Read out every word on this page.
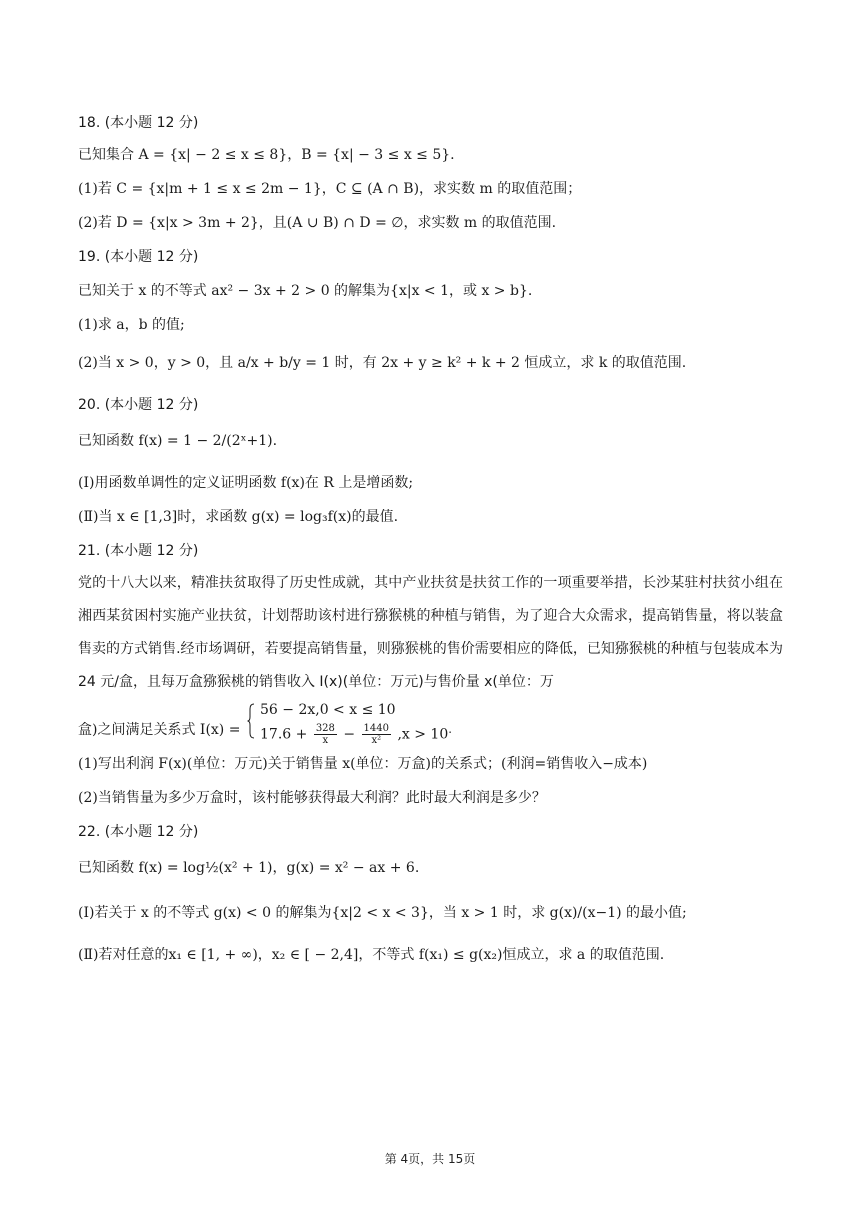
18. (本小题 12 分)
已知集合 A = {x| − 2 ≤ x ≤ 8}，B = {x| − 3 ≤ x ≤ 5}.
(1)若 C = {x|m + 1 ≤ x ≤ 2m − 1}，C ⊆ (A ∩ B)，求实数 m 的取值范围；
(2)若 D = {x|x > 3m + 2}，且(A ∪ B) ∩ D = ∅，求实数 m 的取值范围.
19. (本小题 12 分)
已知关于 x 的不等式 ax² − 3x + 2 > 0 的解集为{x|x < 1，或 x > b}.
(1)求 a，b 的值;
(2)当 x > 0，y > 0，且 a/x + b/y = 1 时，有 2x + y ≥ k² + k + 2 恒成立，求 k 的取值范围.
20. (本小题 12 分)
已知函数 f(x) = 1 − 2/(2ˣ+1).
(Ⅰ)用函数单调性的定义证明函数 f(x)在 R 上是增函数;
(Ⅱ)当 x ∈ [1,3]时，求函数 g(x) = log₃f(x)的最值.
21. (本小题 12 分)
党的十八大以来，精准扶贫取得了历史性成就，其中产业扶贫是扶贫工作的一项重要举措，长沙某驻村扶贫小组在湘西某贫困村实施产业扶贫，计划帮助该村进行猕猴桃的种植与销售，为了迎合大众需求，提高销售量，将以装盒售卖的方式销售.经市场调研，若要提高销售量，则猕猴桃的售价需要相应的降低，已知猕猴桃的种植与包装成本为 24 元/盒，且每万盒猕猴桃的销售收入 I(x)(单位：万元)与售价量 x(单位：万
盒)之间满足关系式 I(x) =
56 − 2x,0 < x ≤ 10
$17.6 + \frac{328}{x} - \frac{1440}{\text{x²}} ,x > 10^.$
(1)写出利润 F(x)(单位：万元)关于销售量 x(单位：万盒)的关系式；(利润=销售收入−成本)
(2)当销售量为多少万盒时，该村能够获得最大利润？此时最大利润是多少？
22. (本小题 12 分)
已知函数 f(x) = log½(x² + 1)，g(x) = x² − ax + 6.
(Ⅰ)若关于 x 的不等式 g(x) < 0 的解集为{x|2 < x < 3}，当 x > 1 时，求 g(x)/(x−1) 的最小值;
(Ⅱ)若对任意的x₁ ∈ [1, + ∞)，x₂ ∈ [ − 2,4]，不等式 f(x₁) ≤ g(x₂)恒成立，求 a 的取值范围.
第 4页，共 15页
